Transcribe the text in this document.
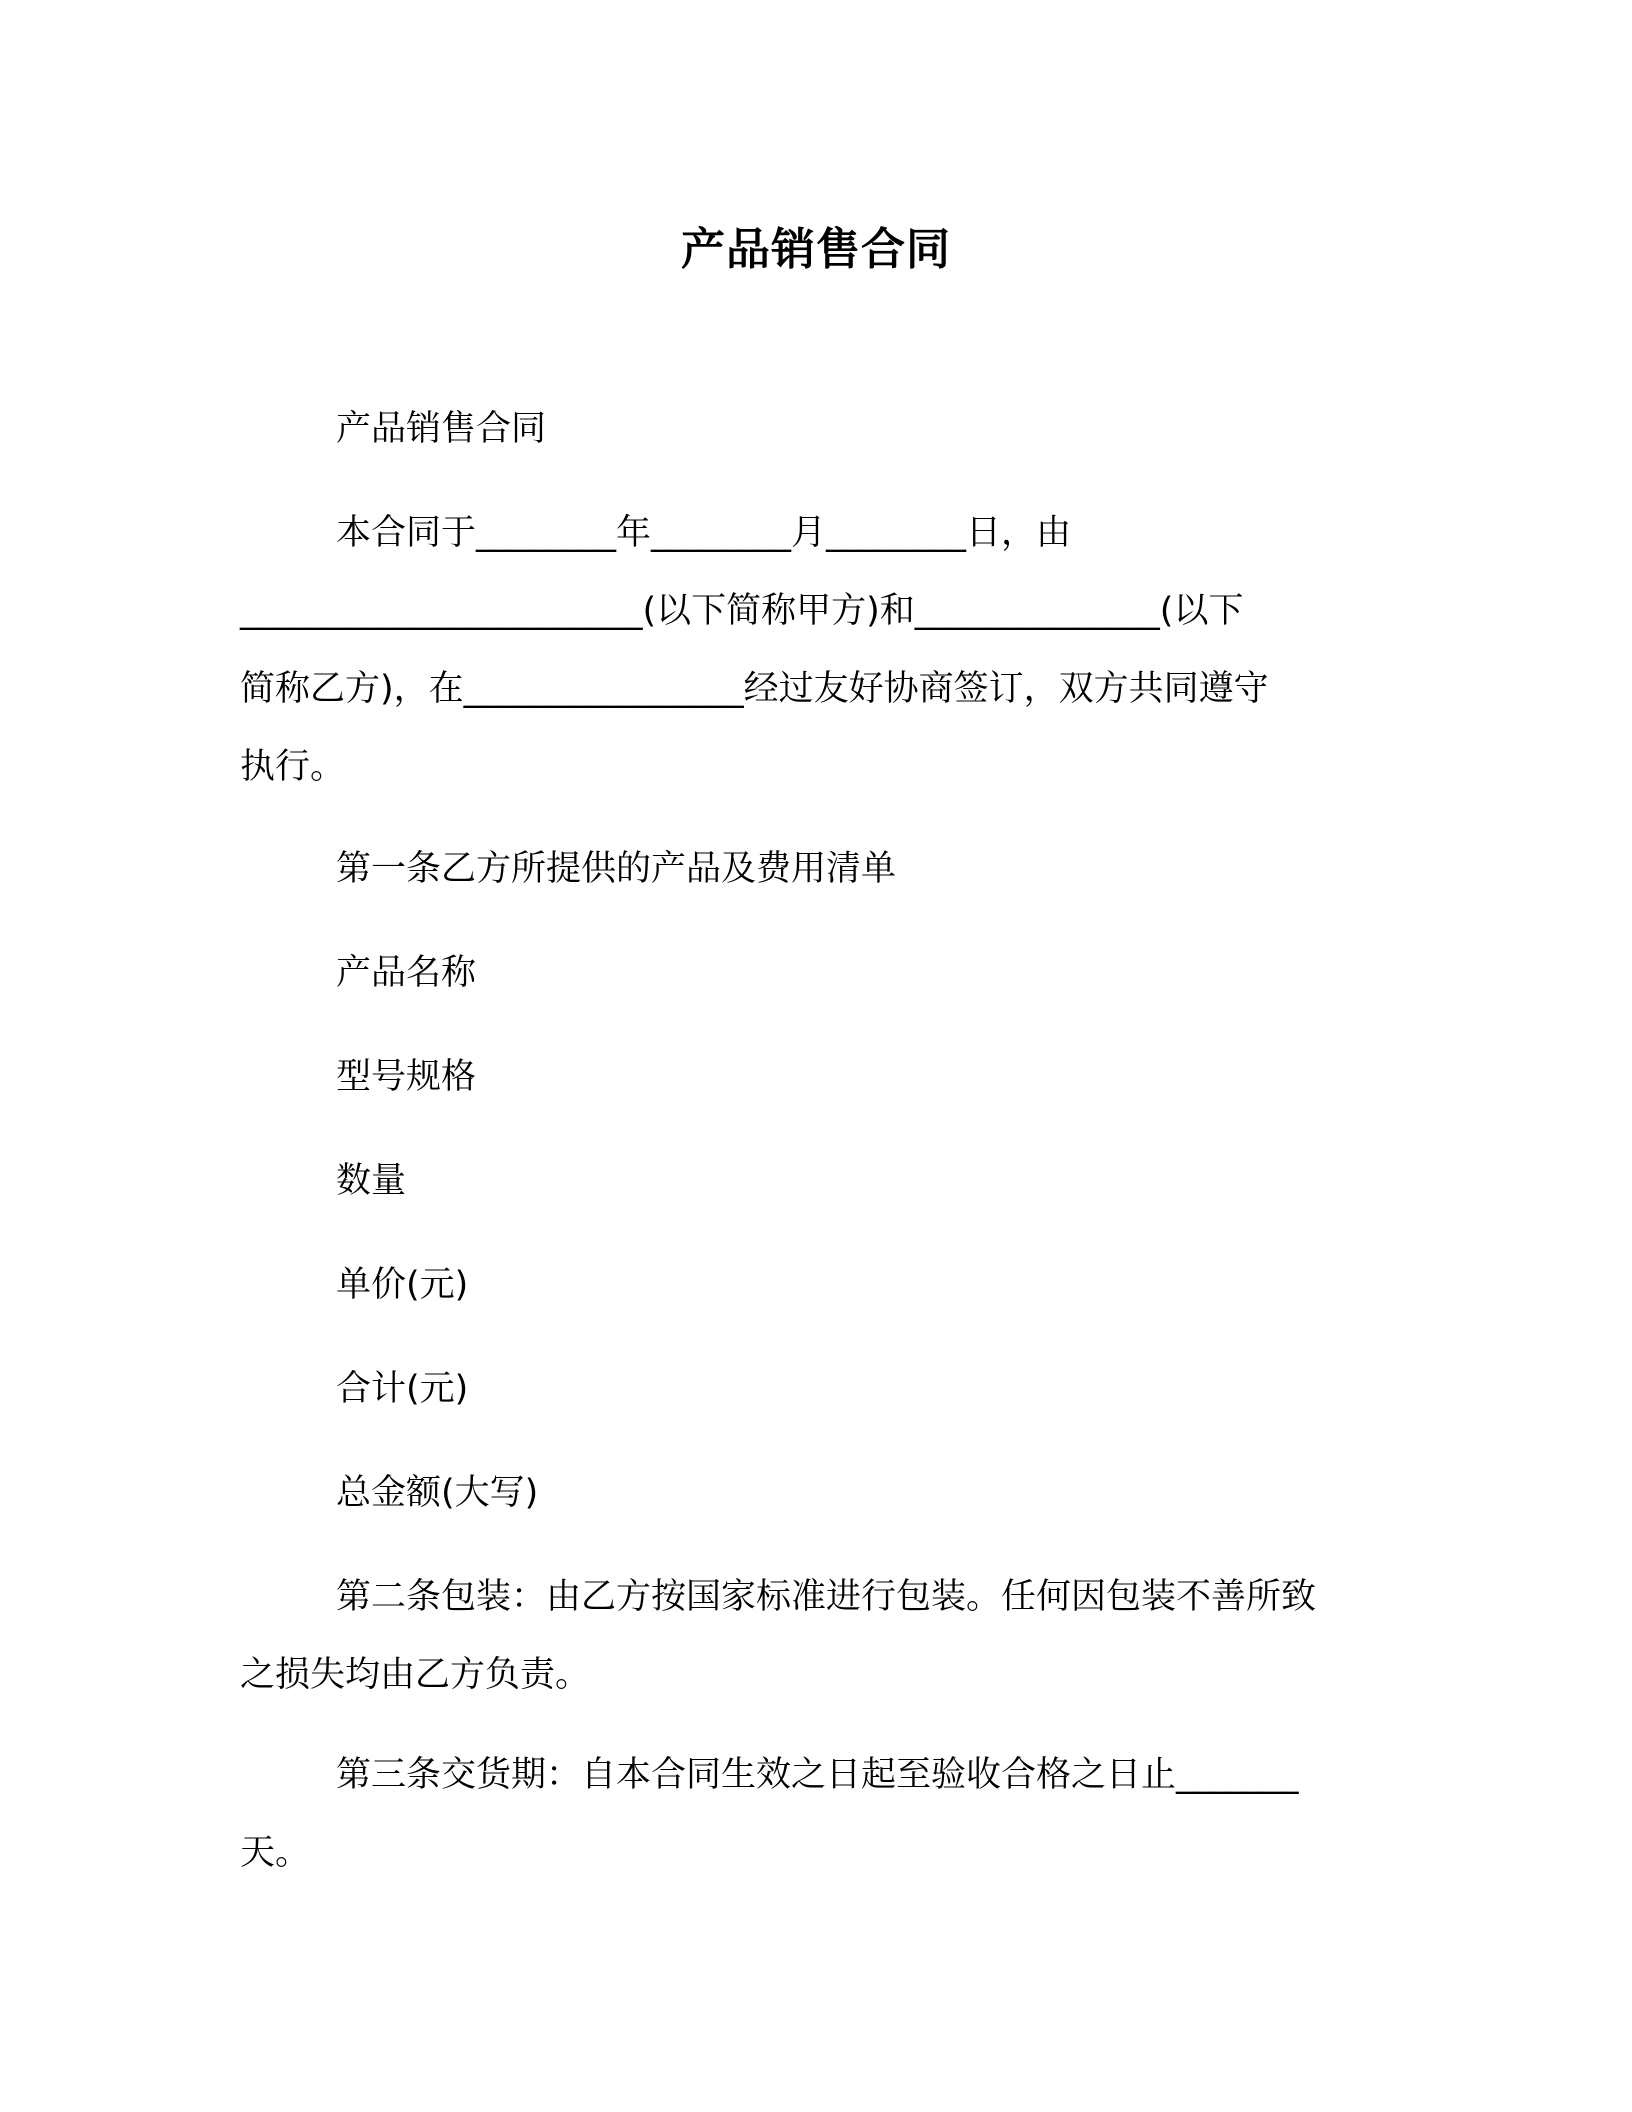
产品销售合同

产品销售合同

本合同于________年________月________日，由
_______________________(以下简称甲方)和______________(以下
简称乙方)，在________________经过友好协商签订，双方共同遵守
执行。

第一条乙方所提供的产品及费用清单

产品名称

型号规格

数量

单价(元)

合计(元)

总金额(大写)

第二条包装：由乙方按国家标准进行包装。任何因包装不善所致
之损失均由乙方负责。

第三条交货期：自本合同生效之日起至验收合格之日止_______
天。
